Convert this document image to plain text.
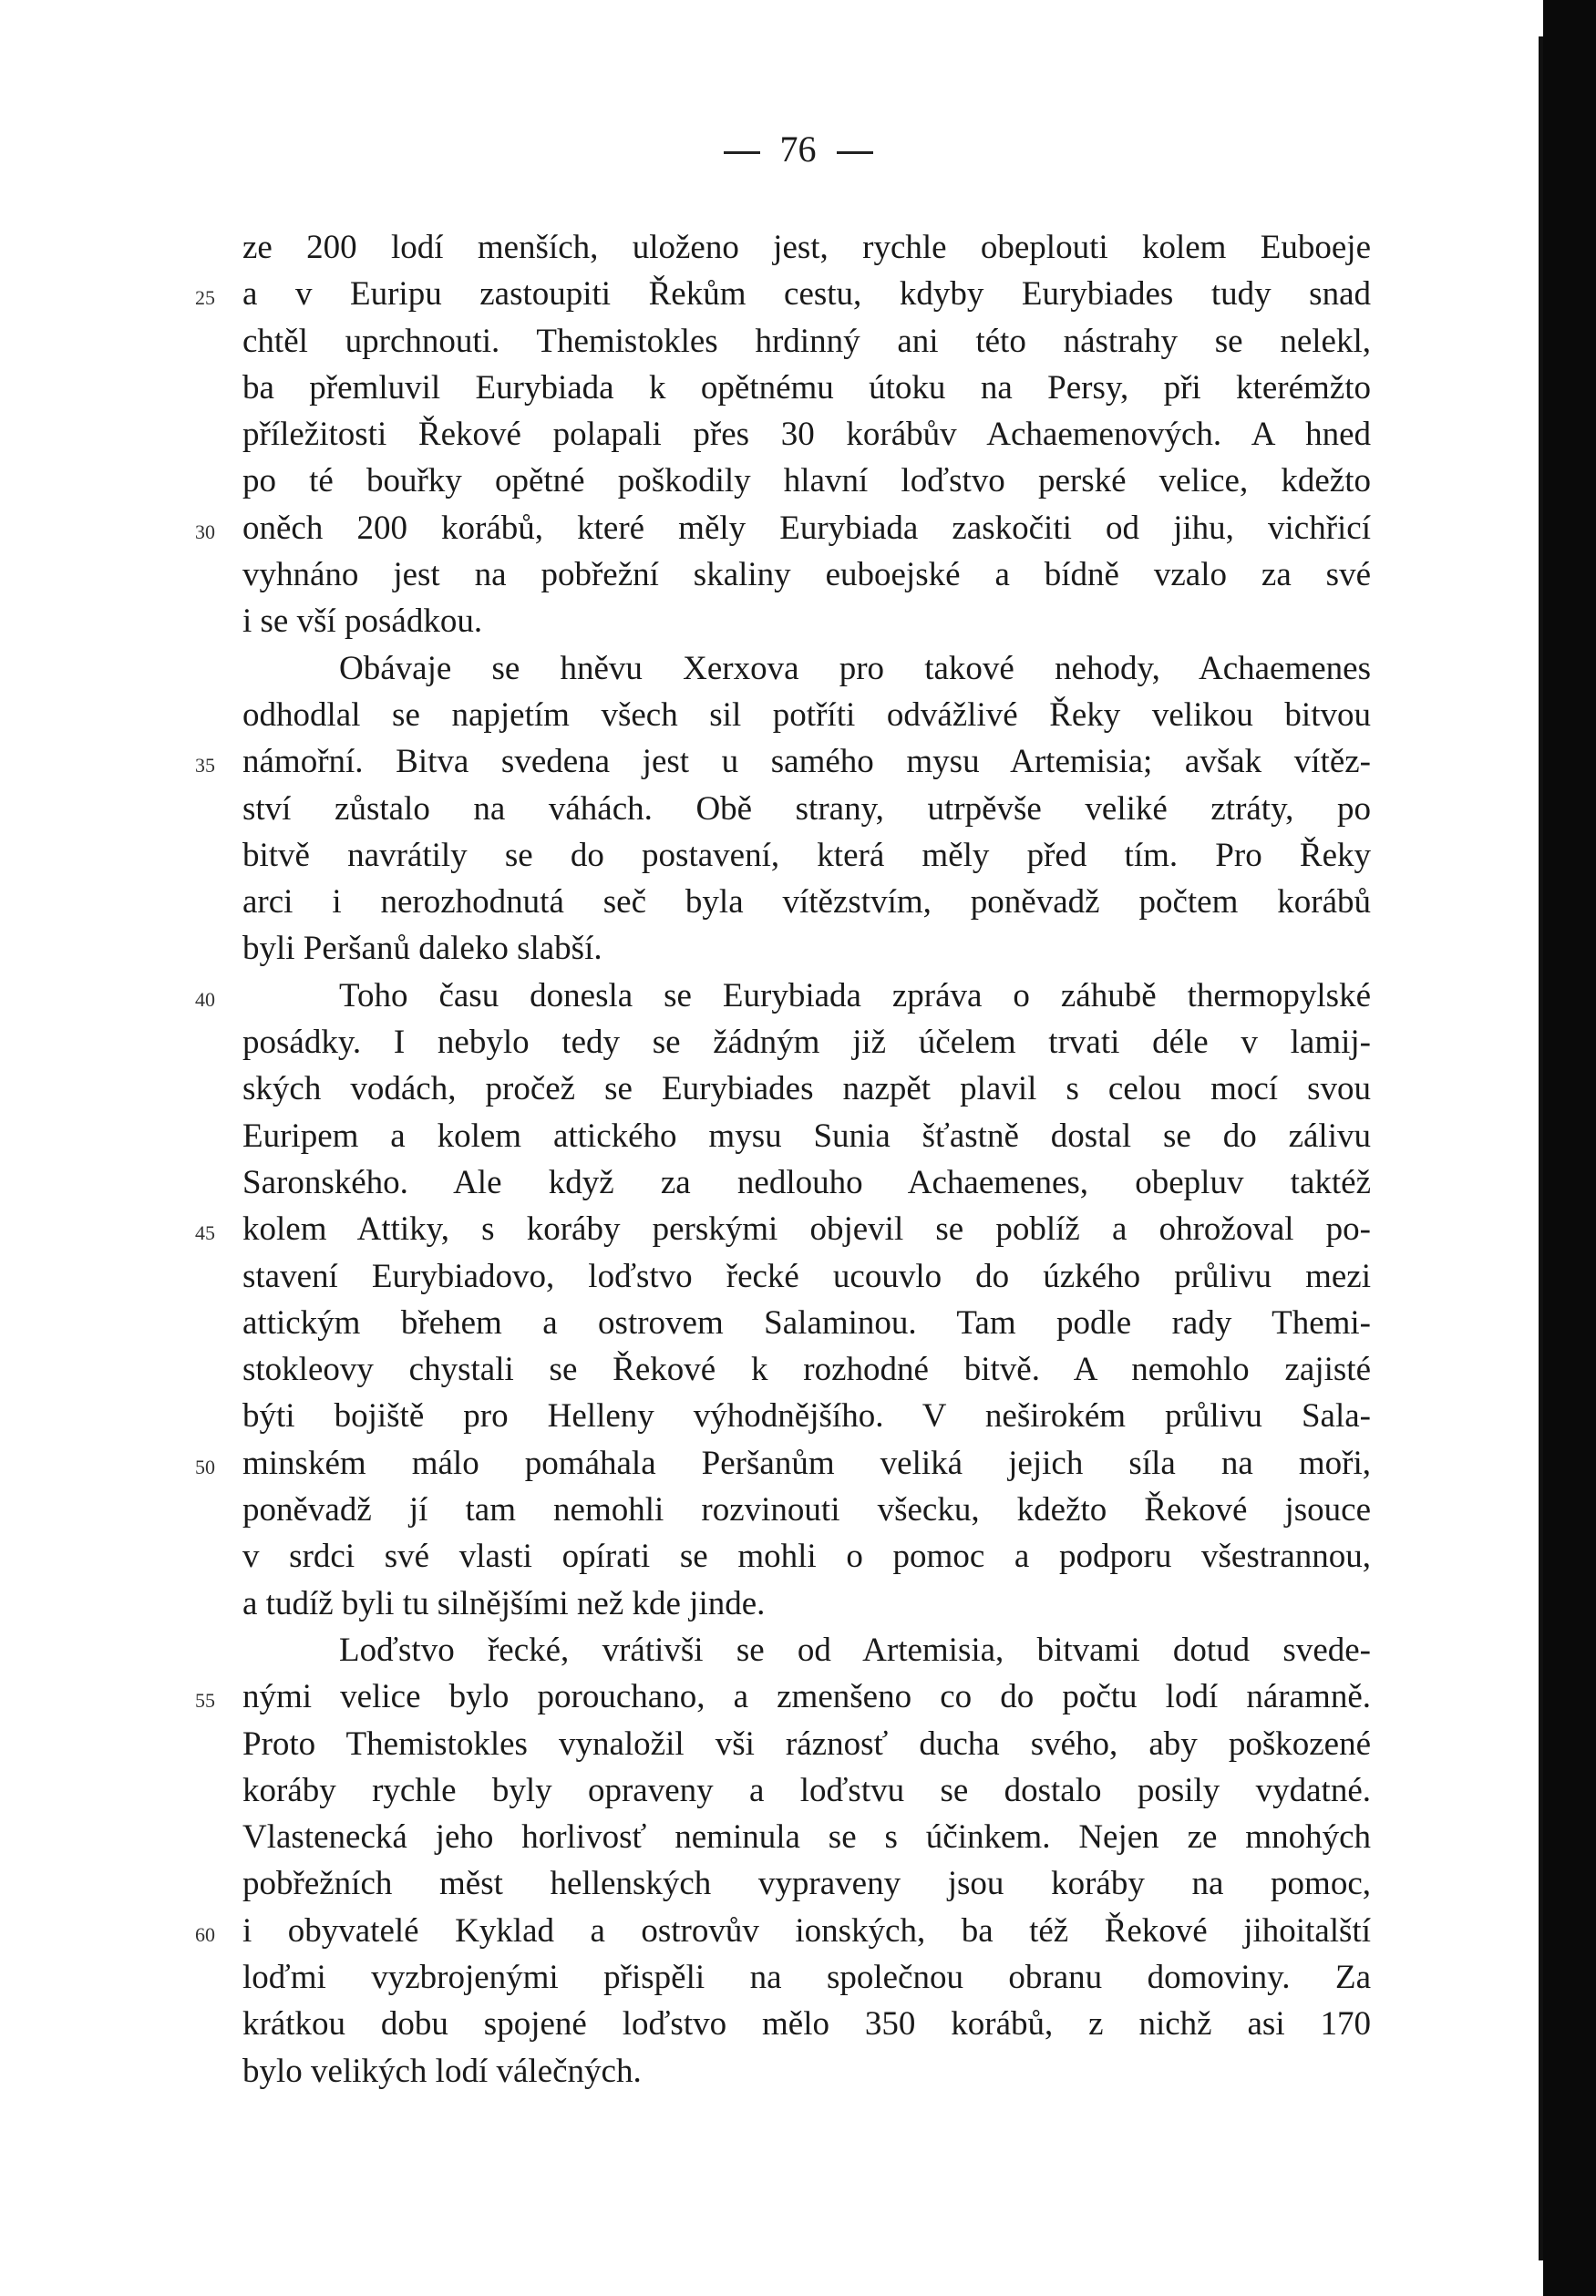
76
ze 200 lodí menších, uloženo jest, rychle obeplouti kolem Euboeje
25 a v Euripu zastoupiti Řekům cestu, kdyby Eurybiades tudy snad
chtěl uprchnouti. Themistokles hrdinný ani této nástrahy se nelekl,
ba přemluvil Eurybiada k opětnému útoku na Persy, při kterémžto
příležitosti Řekové polapali přes 30 korábův Achaemenových. A hned
po té bouřky opětné poškodily hlavní loďstvo perské velice, kdežto
30 oněch 200 korábů, které měly Eurybiada zaskočiti od jihu, vichřicí
vyhnáno jest na pobřežní skaliny euboejské a bídně vzalo za své
i se vší posádkou.
Obávaje se hněvu Xerxova pro takové nehody, Achaemenes
odhodlal se napjetím všech sil potříti odvážlivé Řeky velikou bitvou
35 námořní. Bitva svedena jest u samého mysu Artemisia; avšak vítěz-
ství zůstalo na váhách. Obě strany, utrpěvše veliké ztráty, po
bitvě navrátily se do postavení, která měly před tím. Pro Řeky
arci i nerozhodnutá seč byla vítězstvím, poněvadž počtem korábů
byli Peršanů daleko slabší.
40	Toho času donesla se Eurybiada zpráva o záhubě thermopylské
posádky. I nebylo tedy se žádným již účelem trvati déle v lamij-
ských vodách, pročež se Eurybiades nazpět plavil s celou mocí svou
Euripem a kolem attického mysu Sunia šťastně dostal se do zálivu
Saronského. Ale když za nedlouho Achaemenes, obepluv taktéž
45 kolem Attiky, s koráby perskými objevil se poblíž a ohrožoval po-
stavení Eurybiadovo, loďstvo řecké ucouvlo do úzkého průlivu mezi
attickým břehem a ostrovem Salaminou. Tam podle rady Themi-
stokleovy chystali se Řekové k rozhodné bitvě. A nemohlo zajisté
býti bojiště pro Helleny výhodnějšího. V neširokém průlivu Sala-
50 minském málo pomáhala Peršanům veliká jejich síla na moři,
poněvadž jí tam nemohli rozvinouti všecku, kdežto Řekové jsouce
v srdci své vlasti opírati se mohli o pomoc a podporu všestrannou,
a tudíž byli tu silnějšími než kde jinde.
Loďstvo řecké, vrátivši se od Artemisia, bitvami dotud svede-
55 nými velice bylo porouchano, a zmenšeno co do počtu lodí náramně.
Proto Themistokles vynaložil vši ráznosť ducha svého, aby poškozené
koráby rychle byly opraveny a loďstvu se dostalo posily vydatné.
Vlastenecká jeho horlivosť neminula se s účinkem. Nejen ze mnohých
pobřežních měst hellenských vypraveny jsou koráby na pomoc,
60 i obyvatelé Kyklad a ostrovův ionských, ba též Řekové jihoitalští
loďmi vyzbrojenými přispěli na společnou obranu domoviny. Za
krátkou dobu spojené loďstvo mělo 350 korábů, z nichž asi 170
bylo velikých lodí válečných.
